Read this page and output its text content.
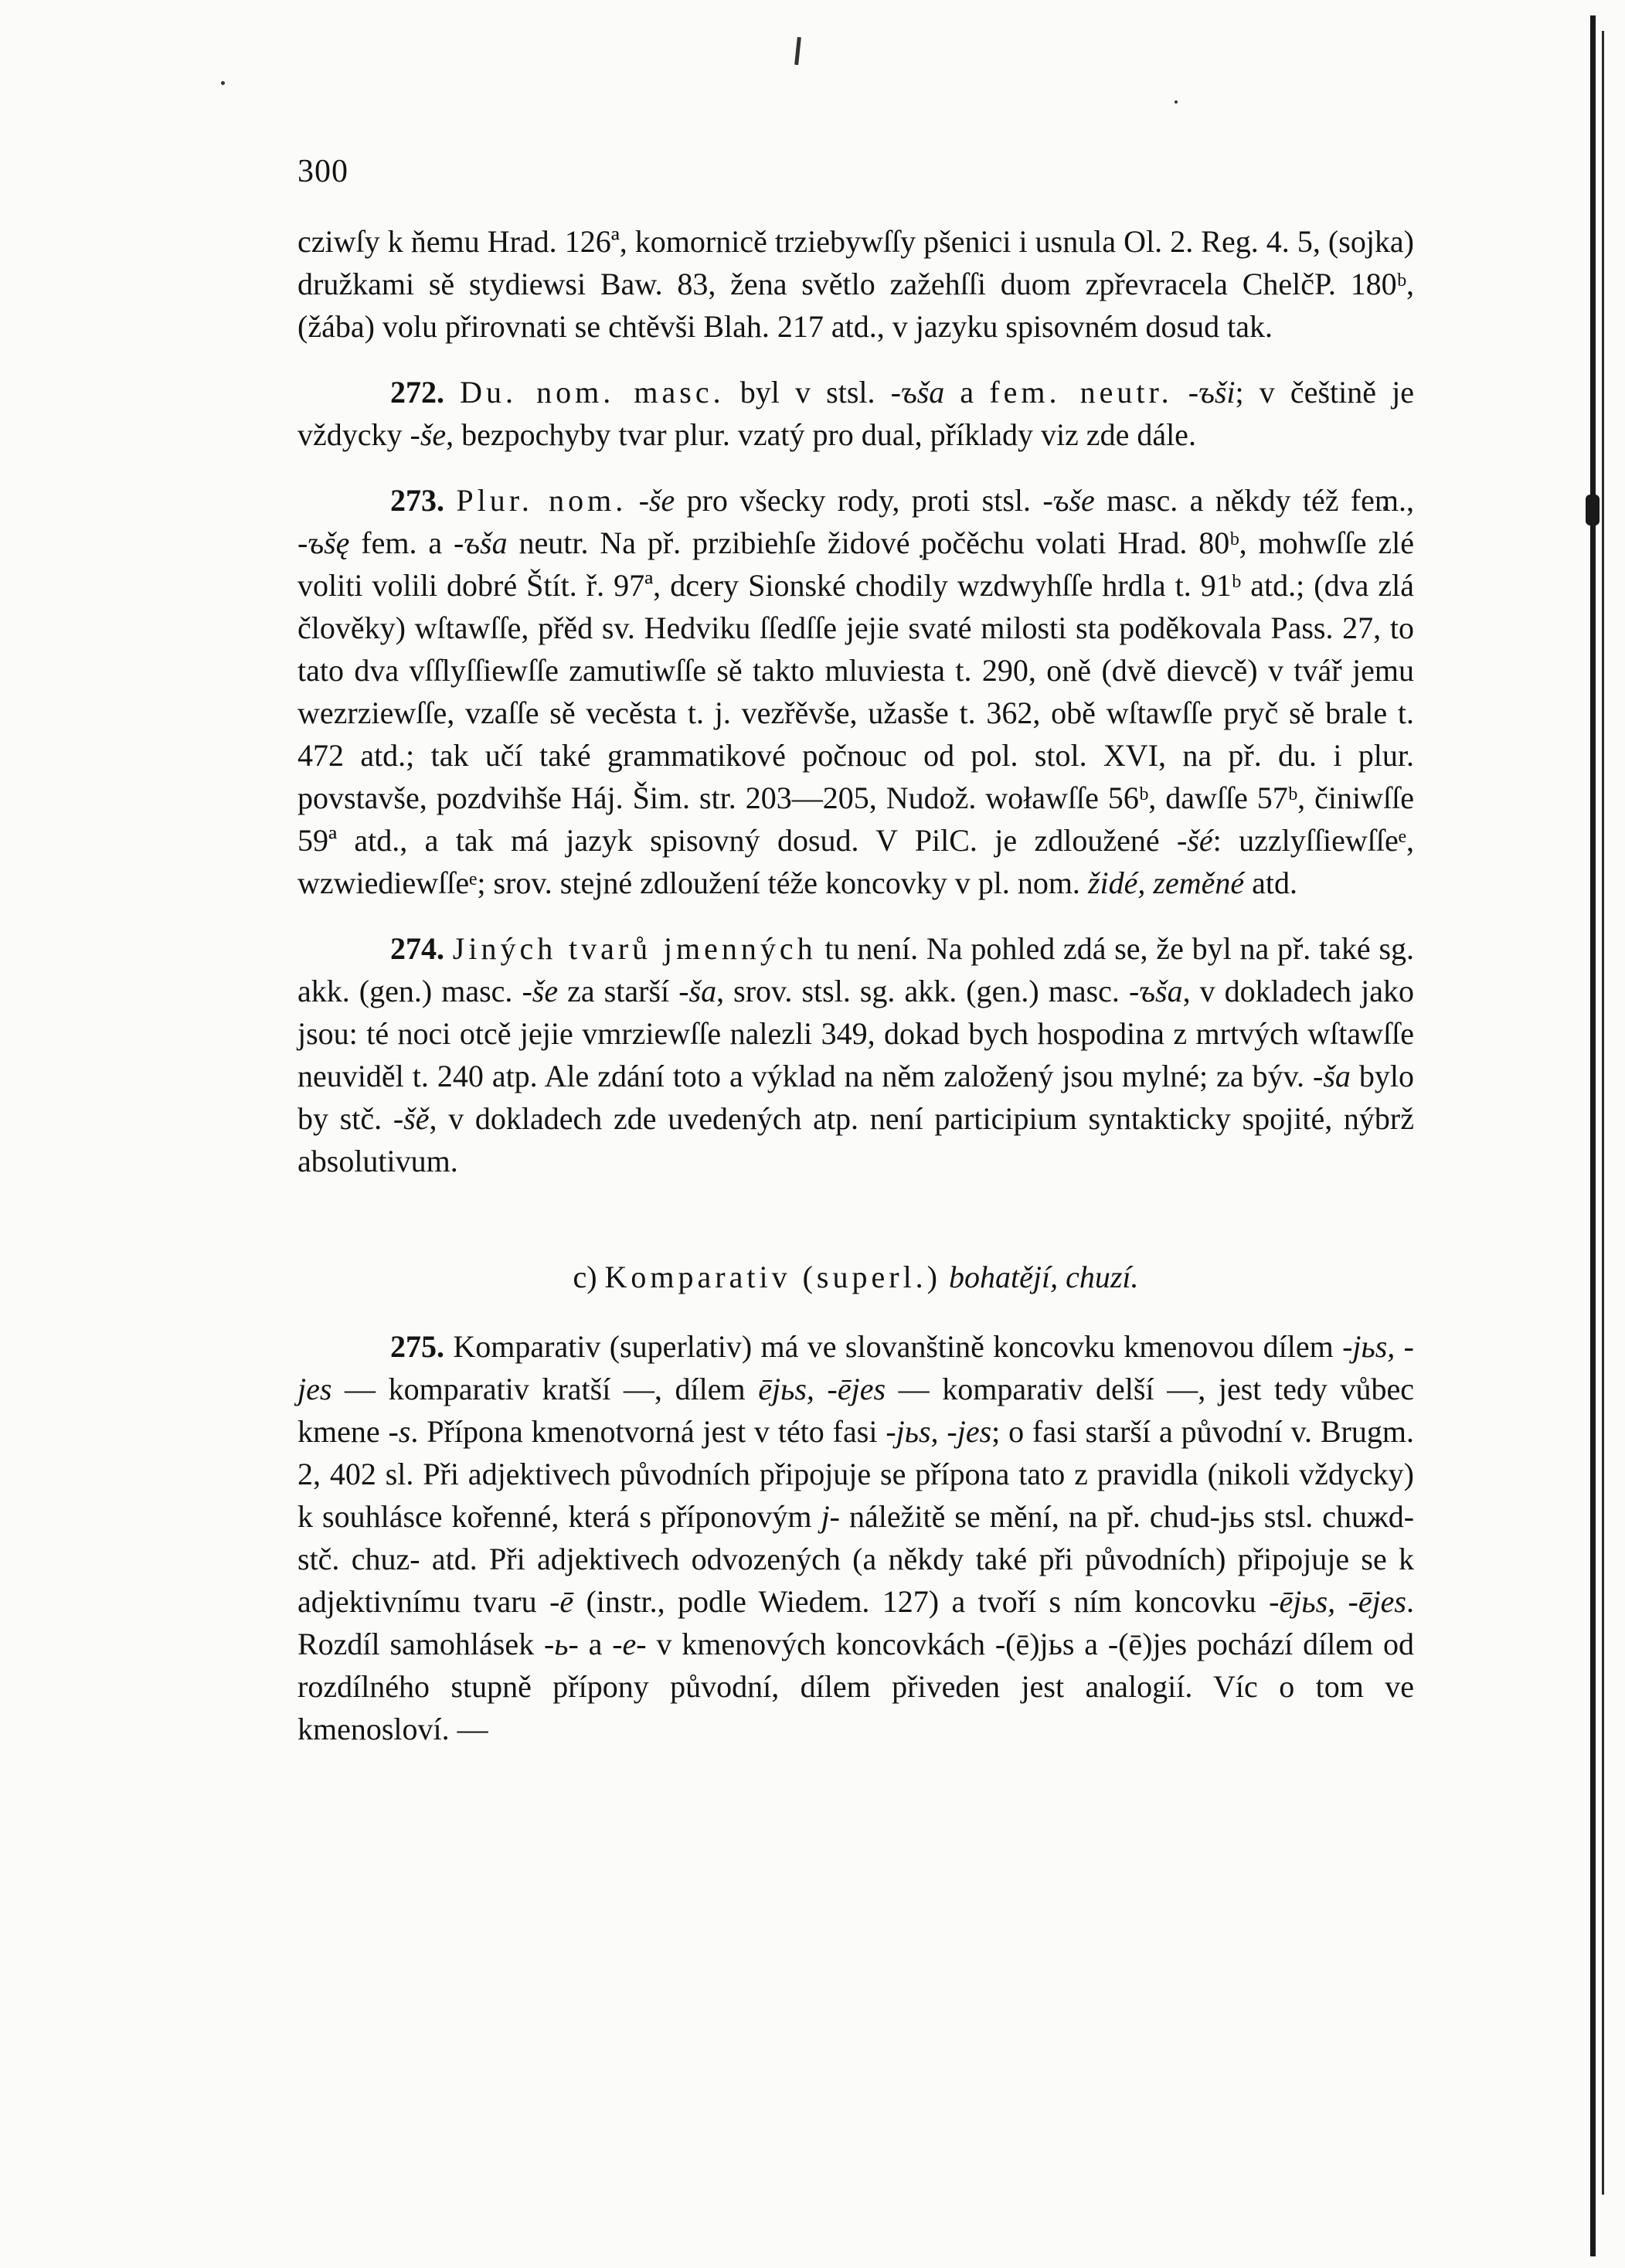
300

cziwſy k ňemu Hrad. 126ª, komornicě trziebywſſy pšenici i usnula Ol. 2. Reg. 4. 5, (sojka) družkami sě stydiewsi Baw. 83, žena světlo zažehſſi duom zpřevracela ChelčP. 180ᵇ, (žába) volu přirovnati se chtěvši Blah. 217 atd., v jazyku spisovném dosud tak.

272. Du. nom. masc. byl v stsl. -ъša a fem. neutr. -ъši; v češtině je vždycky -še, bezpochyby tvar plur. vzatý pro dual, příklady viz zde dále.

273. Plur. nom. -še pro všecky rody, proti stsl. -ъše masc. a někdy též fem., -ъšę fem. a -ъša neutr. Na př. przibiehſe židové počěchu volati Hrad. 80ᵇ, mohwſſe zlé voliti volili dobré Štít. ř. 97ª, dcery Sionské chodily wzdwyhſſe hrdla t. 91ᵇ atd.; (dva zlá člověky) wſtawſſe, přěd sv. Hedviku ſſedſſe jejie svaté milosti sta poděkovala Pass. 27, to tato dva vſſlyſſiewſſe zamutiwſſe sě takto mluviesta t. 290, oně (dvě dievcě) v tvář jemu wezrziewſſe, vzaſſe sě vecěsta t. j. vezřěvše, užasše t. 362, obě wſtawſſe pryč sě brale t. 472 atd.; tak učí také grammatikové počnouc od pol. stol. XVI, na př. du. i plur. povstavše, pozdvihše Háj. Šim. str. 203—205, Nudož. woławſſe 56ᵇ, dawſſe 57ᵇ, činiwſſe 59ª atd., a tak má jazyk spisovný dosud. V PilC. je zdloužené -šé: uzzlyſſiewſſeᵉ, wzwiediewſſeᵉ; srov. stejné zdloužení téže koncovky v pl. nom. židé, zeměné atd.

274. Jiných tvarů jmenných tu není. Na pohled zdá se, že byl na př. také sg. akk. (gen.) masc. -še za starší -ša, srov. stsl. sg. akk. (gen.) masc. -ъša, v dokladech jako jsou: té noci otcě jejie vmrziewſſe nalezli 349, dokad bych hospodina z mrtvých wſtawſſe neuviděl t. 240 atp. Ale zdání toto a výklad na něm založený jsou mylné; za býv. -ša bylo by stč. -šě, v dokladech zde uvedených atp. není participium syntakticky spojité, nýbrž absolutivum.

c) Komparativ (superl.) bohatějí, chuzí.

275. Komparativ (superlativ) má ve slovanštině koncovku kmenovou dílem -jьs, -jes — komparativ kratší —, dílem ējьs, -ējes — komparativ delší —, jest tedy vůbec kmene -s. Přípona kmenotvorná jest v této fasi -jьs, -jes; o fasi starší a původní v. Brugm. 2, 402 sl. Při adjektivech původních připojuje se přípona tato z pravidla (nikoli vždycky) k souhlásce kořenné, která s příponovým j- náležitě se mění, na př. chud-jьs stsl. chuжd- stč. chuz- atd. Při adjektivech odvozených (a někdy také při původních) připojuje se k adjektivnímu tvaru -ē (instr., podle Wiedem. 127) a tvoří s ním koncovku -ējьs, -ējes. Rozdíl samohlásek -ь- a -e- v kmenových koncovkách -(ē)jьs a -(ē)jes pochází dílem od rozdílného stupně přípony původní, dílem přiveden jest analogií. Víc o tom ve kmenosloví. —
